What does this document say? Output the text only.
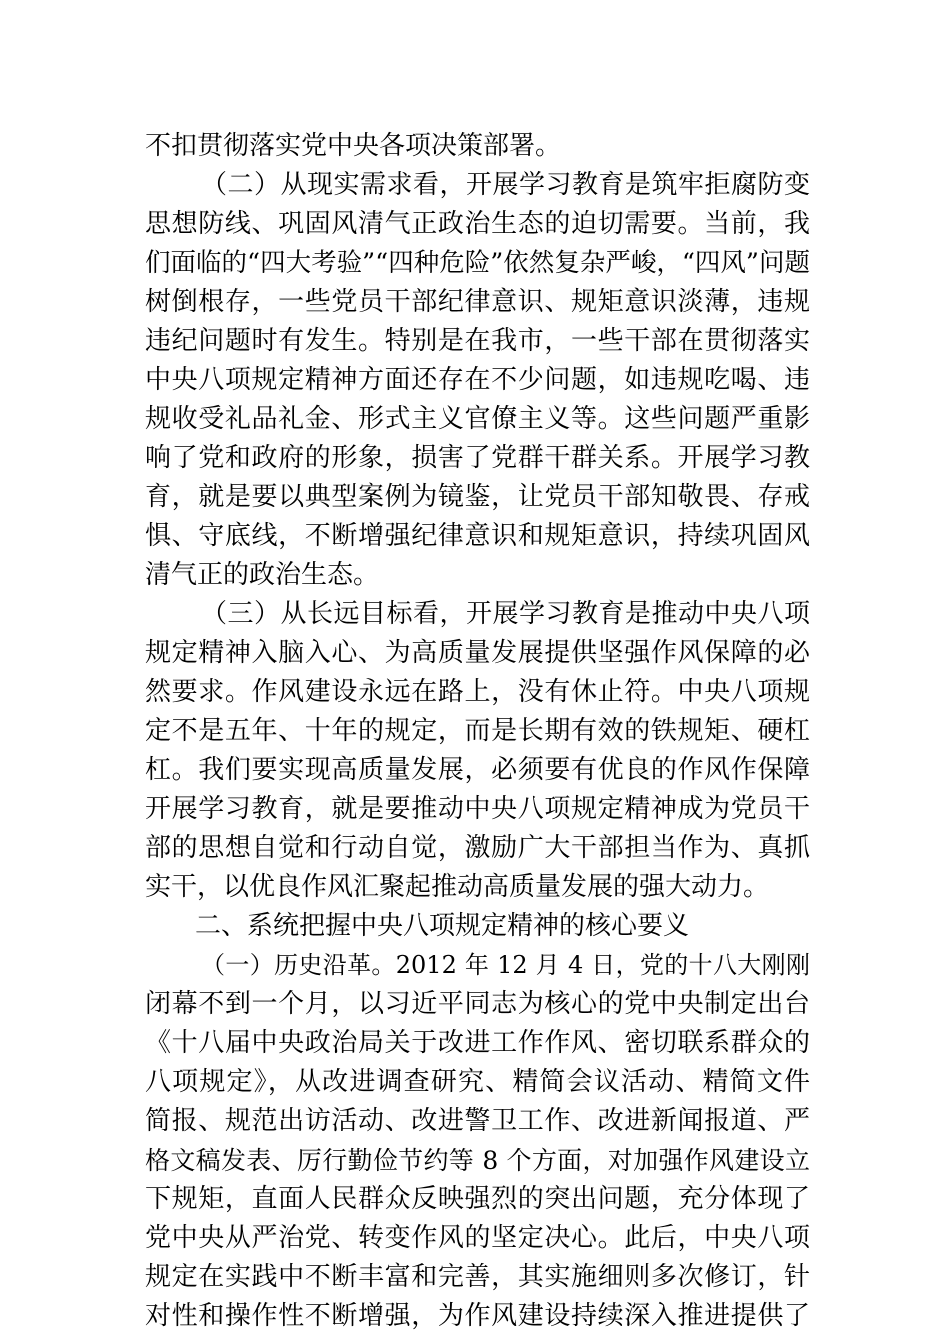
不扣贯彻落实党中央各项决策部署。
（二）从现实需求看，开展学习教育是筑牢拒腐防变
思想防线、巩固风清气正政治生态的迫切需要。当前，我
们面临的“四大考验”“四种危险”依然复杂严峻，“四风”问题
树倒根存，一些党员干部纪律意识、规矩意识淡薄，违规
违纪问题时有发生。特别是在我市，一些干部在贯彻落实
中央八项规定精神方面还存在不少问题，如违规吃喝、违
规收受礼品礼金、形式主义官僚主义等。这些问题严重影
响了党和政府的形象，损害了党群干群关系。开展学习教
育，就是要以典型案例为镜鉴，让党员干部知敬畏、存戒
惧、守底线，不断增强纪律意识和规矩意识，持续巩固风
清气正的政治生态。
（三）从长远目标看，开展学习教育是推动中央八项
规定精神入脑入心、为高质量发展提供坚强作风保障的必
然要求。作风建设永远在路上，没有休止符。中央八项规
定不是五年、十年的规定，而是长期有效的铁规矩、硬杠
杠。我们要实现高质量发展，必须要有优良的作风作保障
开展学习教育，就是要推动中央八项规定精神成为党员干
部的思想自觉和行动自觉，激励广大干部担当作为、真抓
实干，以优良作风汇聚起推动高质量发展的强大动力。
二、系统把握中央八项规定精神的核心要义
（一）历史沿革。2012 年 12 月 4 日，党的十八大刚刚
闭幕不到一个月，以习近平同志为核心的党中央制定出台
《十八届中央政治局关于改进工作作风、密切联系群众的
八项规定》，从改进调查研究、精简会议活动、精简文件
简报、规范出访活动、改进警卫工作、改进新闻报道、严
格文稿发表、厉行勤俭节约等 8 个方面，对加强作风建设立
下规矩，直面人民群众反映强烈的突出问题，充分体现了
党中央从严治党、转变作风的坚定决心。此后，中央八项
规定在实践中不断丰富和完善，其实施细则多次修订，针
对性和操作性不断增强，为作风建设持续深入推进提供了
